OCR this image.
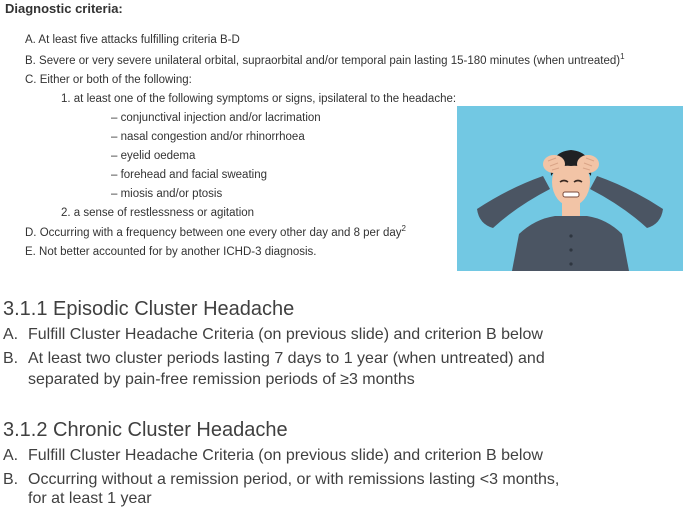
Diagnostic criteria:
A. At least five attacks fulfilling criteria B-D
B. Severe or very severe unilateral orbital, supraorbital and/or temporal pain lasting 15-180 minutes (when untreated)$^1$
C. Either or both of the following:
1. at least one of the following symptoms or signs, ipsilateral to the headache:
– conjunctival injection and/or lacrimation
– nasal congestion and/or rhinorrhoea
– eyelid oedema
– forehead and facial sweating
– miosis and/or ptosis
2. a sense of restlessness or agitation
D. Occurring with a frequency between one every other day and 8 per day$^2$
E. Not better accounted for by another ICHD-3 diagnosis.
3.1.1 Episodic Cluster Headache
A. Fulfill Cluster Headache Criteria (on previous slide) and criterion B below
B. At least two cluster periods lasting 7 days to 1 year (when untreated) and
separated by pain-free remission periods of ≥3 months
3.1.2 Chronic Cluster Headache
A. Fulfill Cluster Headache Criteria (on previous slide) and criterion B below
B. Occurring without a remission period, or with remissions lasting <3 months,
for at least 1 year
